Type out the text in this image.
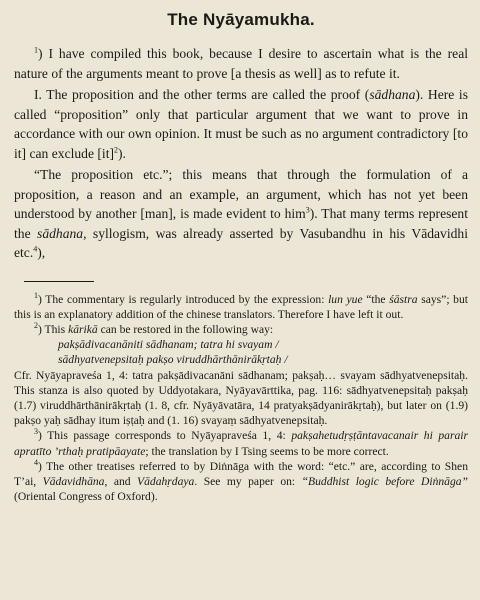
The Nyāyamukha.

$^1$) I have compiled this book, because I desire to ascertain what is the real nature of the arguments meant to prove [a thesis as well] as to refute it.

I. The proposition and the other terms are called the proof (sādhana). Here is called “proposition” only that particular argument that we want to prove in accordance with our own opinion. It must be such as no argument contradictory [to it] can exclude [it]$^2$).

“The proposition etc.”; this means that through the formulation of a proposition, a reason and an example, an argument, which has not yet been understood by another [man], is made evident to him$^3$). That many terms represent the sādhana, syllogism, was already asserted by Vasubandhu in his Vādavidhi etc.$^4$),

$^1$) The commentary is regularly introduced by the expression: lun yue “the śāstra says”; but this is an explanatory addition of the chinese translators. Therefore I have left it out.

$^2$) This kārikā can be restored in the following way:

pakṣādivacanāniti sādhanam; tatra hi svayam /

sādhyatvenepsitaḥ pakṣo viruddhārthānirākṛtaḥ /

Cfr. Nyāyapraveśa 1, 4: tatra pakṣādivacanāni sādhanam; pakṣaḥ… svayam sādhyatvenepsitaḥ. This stanza is also quoted by Uddyotakara, Nyāyavārttika, pag. 116: sādhyatvenepsitaḥ pakṣaḥ (1.7) viruddhārthānirākṛtaḥ (1. 8, cfr. Nyāyāvatāra, 14 pratyakṣādyanirākṛtaḥ), but later on (1.9) pakṣo yaḥ sādhay itum iṣṭaḥ and (1. 16) svayaṃ sādhyatvenepsitaḥ.

$^3$) This passage corresponds to Nyāyapraveśa 1, 4: pakṣahetudṛṣṭāntavacanair hi parair apratīto ’rthaḥ pratipāayate; the translation by I Tsing seems to be more correct.

$^4$) The other treatises referred to by Diṅnāga with the word: “etc.” are, according to Shen T’ai, Vādavidhāna, and Vādahṛdaya. See my paper on: “Buddhist logic before Diṅnāga” (Oriental Congress of Oxford).
